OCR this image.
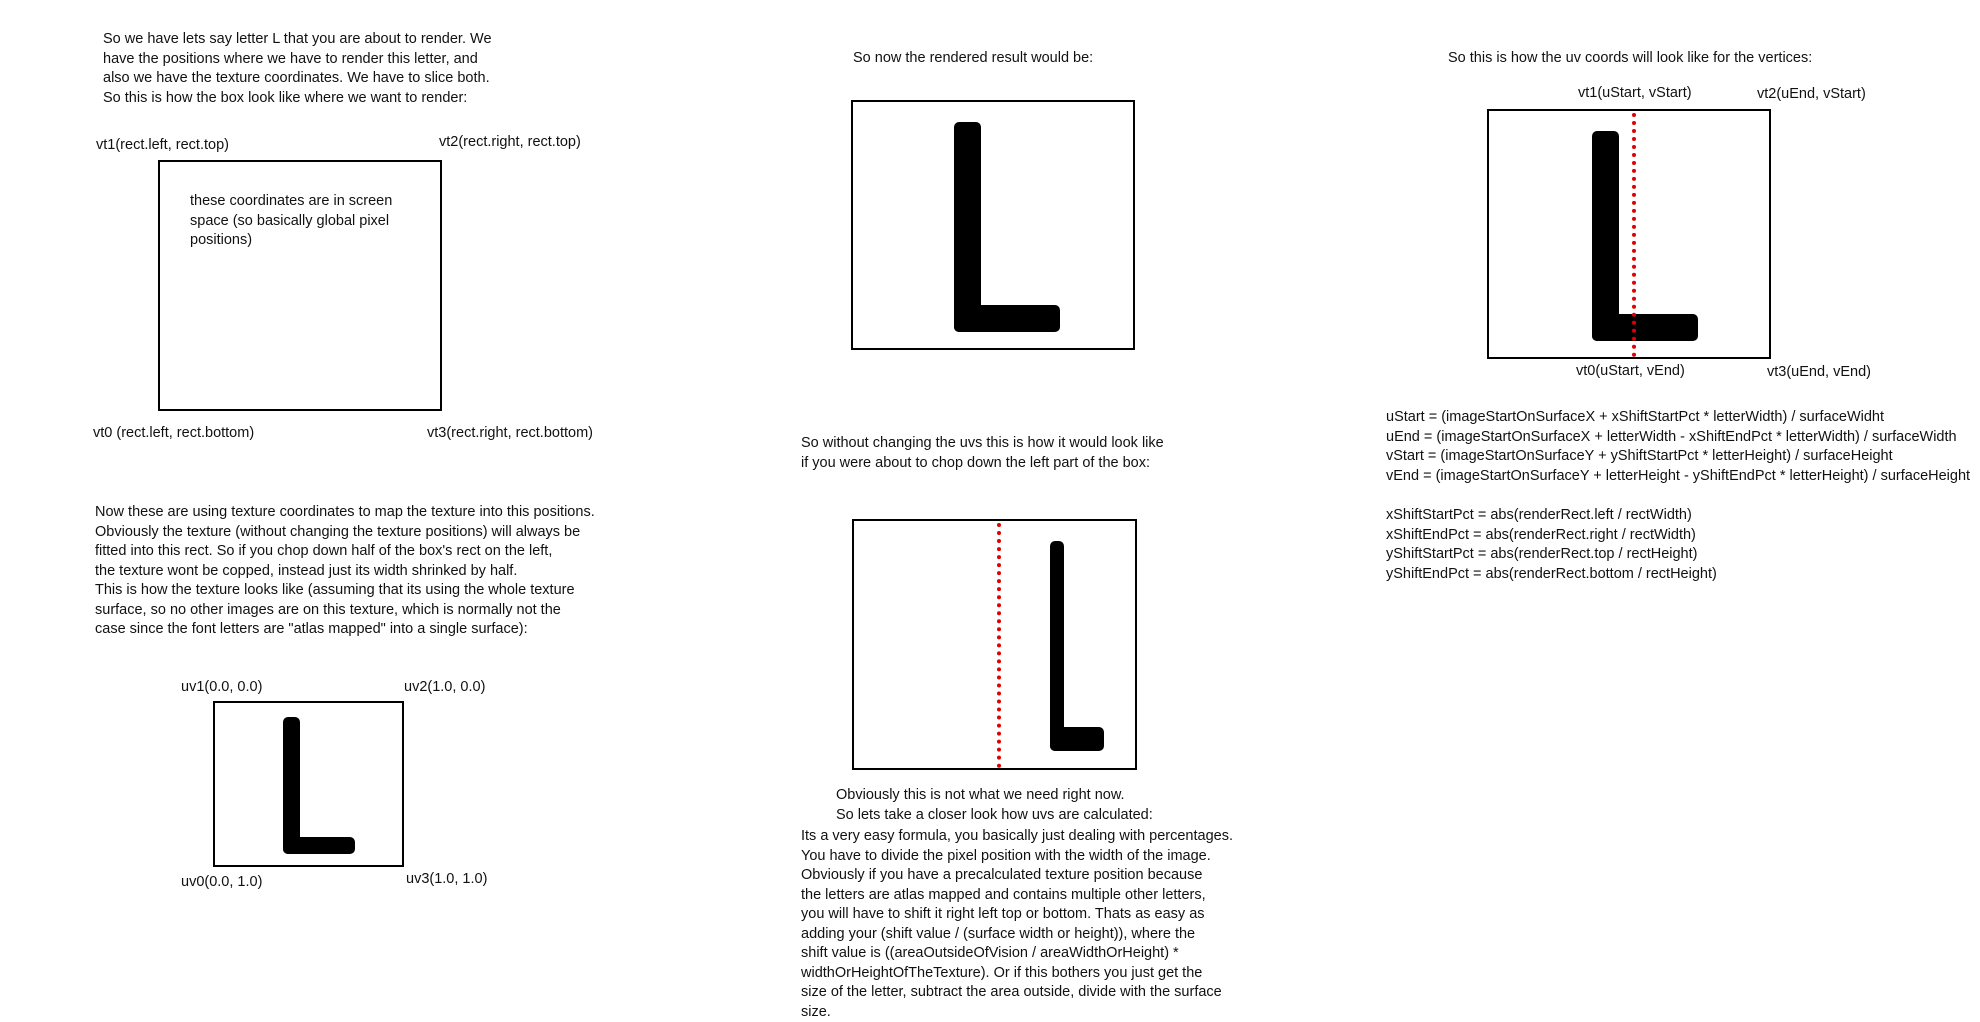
So we have lets say letter L that you are about to render. We
have the positions where we have to render this letter, and
also we have the texture coordinates. We have to slice both.
So this is how the box look like where we want to render:
vt1(rect.left, rect.top)	vt2(rect.right, rect.top)
these coordinates are in screen
space (so basically global pixel
positions)
vt0 (rect.left, rect.bottom)	vt3(rect.right, rect.bottom)
Now these are using texture coordinates to map the texture into this positions.
Obviously the texture (without changing the texture positions) will always be
fitted into this rect. So if you chop down half of the box's rect on the left,
the texture wont be copped, instead just its width shrinked by half.
This is how the texture looks like (assuming that its using the whole texture
surface, so no other images are on this texture, which is normally not the
case since the font letters are "atlas mapped" into a single surface):
uv1(0.0, 0.0)	uv2(1.0, 0.0)
uv0(0.0, 1.0)	uv3(1.0, 1.0)
So now the rendered result would be:
So without changing the uvs this is how it would look like
if you were about to chop down the left part of the box:
Obviously this is not what we need right now.
So lets take a closer look how uvs are calculated:
Its a very easy formula, you basically just dealing with percentages.
You have to divide the pixel position with the width of the image.
Obviously if you have a precalculated texture position because
the letters are atlas mapped and contains multiple other letters,
you will have to shift it right left top or bottom. Thats as easy as
adding your (shift value / (surface width or height)), where the
shift value is ((areaOutsideOfVision / areaWidthOrHeight) *
widthOrHeightOfTheTexture). Or if this bothers you just get the
size of the letter, subtract the area outside, divide with the surface
size.
So this is how the uv coords will look like for the vertices:
vt1(uStart, vStart)	vt2(uEnd, vStart)
vt0(uStart, vEnd)	vt3(uEnd, vEnd)
uStart = (imageStartOnSurfaceX + xShiftStartPct * letterWidth) / surfaceWidht
uEnd = (imageStartOnSurfaceX + letterWidth - xShiftEndPct * letterWidth) / surfaceWidth
vStart = (imageStartOnSurfaceY + yShiftStartPct * letterHeight) / surfaceHeight
vEnd = (imageStartOnSurfaceY + letterHeight - yShiftEndPct * letterHeight) / surfaceHeight
xShiftStartPct = abs(renderRect.left / rectWidth)
xShiftEndPct = abs(renderRect.right / rectWidth)
yShiftStartPct = abs(renderRect.top / rectHeight)
yShiftEndPct = abs(renderRect.bottom / rectHeight)
